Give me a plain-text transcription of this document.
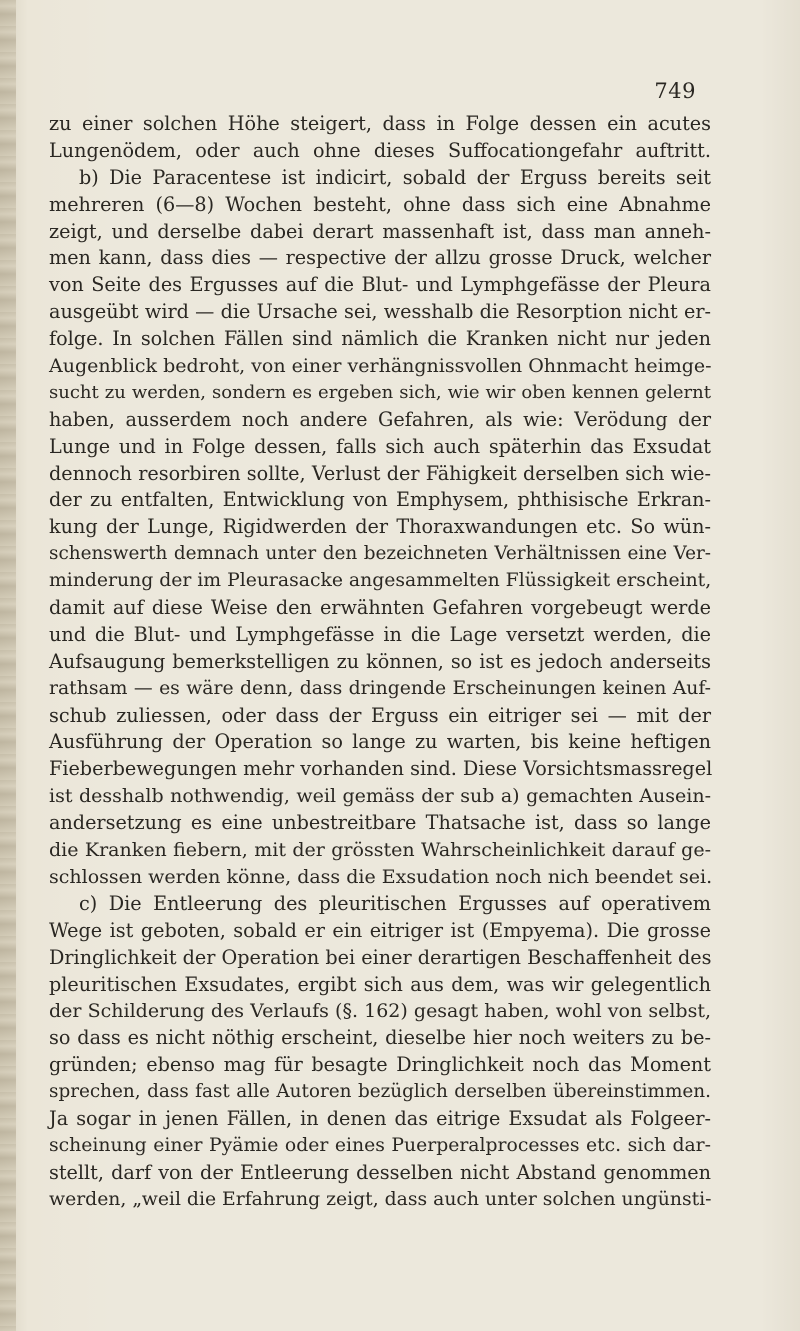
749
zu einer solchen Höhe steigert, dass in Folge dessen ein acutes
Lungenödem, oder auch ohne dieses Suffocationgefahr auftritt.
b) Die Paracentese ist indicirt, sobald der Erguss bereits seit
mehreren (6—8) Wochen besteht, ohne dass sich eine Abnahme
zeigt, und derselbe dabei derart massenhaft ist, dass man anneh-
men kann, dass dies — respective der allzu grosse Druck, welcher
von Seite des Ergusses auf die Blut- und Lymphgefässe der Pleura
ausgeübt wird — die Ursache sei, wesshalb die Resorption nicht er-
folge. In solchen Fällen sind nämlich die Kranken nicht nur jeden
Augenblick bedroht, von einer verhängnissvollen Ohnmacht heimge-
sucht zu werden, sondern es ergeben sich, wie wir oben kennen gelernt
haben, ausserdem noch andere Gefahren, als wie: Verödung der
Lunge und in Folge dessen, falls sich auch späterhin das Exsudat
dennoch resorbiren sollte, Verlust der Fähigkeit derselben sich wie-
der zu entfalten, Entwicklung von Emphysem, phthisische Erkran-
kung der Lunge, Rigidwerden der Thoraxwandungen etc. So wün-
schenswerth demnach unter den bezeichneten Verhältnissen eine Ver-
minderung der im Pleurasacke angesammelten Flüssigkeit erscheint,
damit auf diese Weise den erwähnten Gefahren vorgebeugt werde
und die Blut- und Lymphgefässe in die Lage versetzt werden, die
Aufsaugung bemerkstelligen zu können, so ist es jedoch anderseits
rathsam — es wäre denn, dass dringende Erscheinungen keinen Auf-
schub zuliessen, oder dass der Erguss ein eitriger sei — mit der
Ausführung der Operation so lange zu warten, bis keine heftigen
Fieberbewegungen mehr vorhanden sind. Diese Vorsichtsmassregel
ist desshalb nothwendig, weil gemäss der sub a) gemachten Ausein-
andersetzung es eine unbestreitbare Thatsache ist, dass so lange
die Kranken fiebern, mit der grössten Wahrscheinlichkeit darauf ge-
schlossen werden könne, dass die Exsudation noch nich beendet sei.
c) Die Entleerung des pleuritischen Ergusses auf operativem
Wege ist geboten, sobald er ein eitriger ist (Empyema). Die grosse
Dringlichkeit der Operation bei einer derartigen Beschaffenheit des
pleuritischen Exsudates, ergibt sich aus dem, was wir gelegentlich
der Schilderung des Verlaufs (§. 162) gesagt haben, wohl von selbst,
so dass es nicht nöthig erscheint, dieselbe hier noch weiters zu be-
gründen; ebenso mag für besagte Dringlichkeit noch das Moment
sprechen, dass fast alle Autoren bezüglich derselben übereinstimmen.
Ja sogar in jenen Fällen, in denen das eitrige Exsudat als Folgeer-
scheinung einer Pyämie oder eines Puerperalprocesses etc. sich dar-
stellt, darf von der Entleerung desselben nicht Abstand genommen
werden, „weil die Erfahrung zeigt, dass auch unter solchen ungünsti-
